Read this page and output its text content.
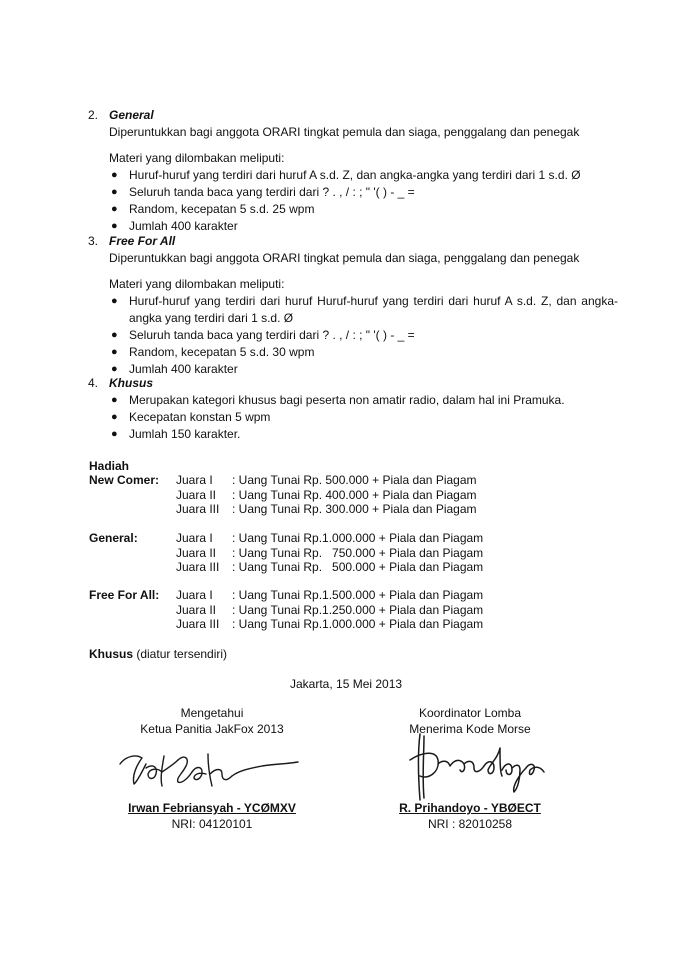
2. General
Diperuntukkan bagi anggota ORARI tingkat pemula dan siaga, penggalang dan penegak
Materi yang dilombakan meliputi:
● Huruf-huruf yang terdiri dari huruf A s.d. Z, dan angka-angka yang terdiri dari 1 s.d. Ø
● Seluruh tanda baca yang terdiri dari ? . , / : ; " '( ) - _ =
● Random, kecepatan 5 s.d. 25 wpm
● Jumlah 400 karakter
3. Free For All
Diperuntukkan bagi anggota ORARI tingkat pemula dan siaga, penggalang dan penegak
Materi yang dilombakan meliputi:
● Huruf-huruf yang terdiri dari huruf Huruf-huruf yang terdiri dari huruf A s.d. Z, dan angka-angka yang terdiri dari 1 s.d. Ø
● Seluruh tanda baca yang terdiri dari ? . , / : ; " '( ) - _ =
● Random, kecepatan 5 s.d. 30 wpm
● Jumlah 400 karakter
4. Khusus
● Merupakan kategori khusus bagi peserta non amatir radio, dalam hal ini Pramuka.
● Kecepatan konstan 5 wpm
● Jumlah 150 karakter.
Hadiah
New Comer:	Juara I	: Uang Tunai Rp. 500.000 + Piala dan Piagam
Juara II	: Uang Tunai Rp. 400.000 + Piala dan Piagam
Juara III	: Uang Tunai Rp. 300.000 + Piala dan Piagam
General:	Juara I	: Uang Tunai Rp.1.000.000 + Piala dan Piagam
Juara II	: Uang Tunai Rp.   750.000 + Piala dan Piagam
Juara III	: Uang Tunai Rp.   500.000 + Piala dan Piagam
Free For All:	Juara I	: Uang Tunai Rp.1.500.000 + Piala dan Piagam
Juara II	: Uang Tunai Rp.1.250.000 + Piala dan Piagam
Juara III	: Uang Tunai Rp.1.000.000 + Piala dan Piagam
Khusus (diatur tersendiri)
Jakarta, 15 Mei 2013
Mengetahui
Ketua Panitia JakFox 2013
Irwan Febriansyah - YCØMXV
NRI: 04120101
Koordinator Lomba
Menerima Kode Morse
R. Prihandoyo - YBØECT
NRI : 82010258
